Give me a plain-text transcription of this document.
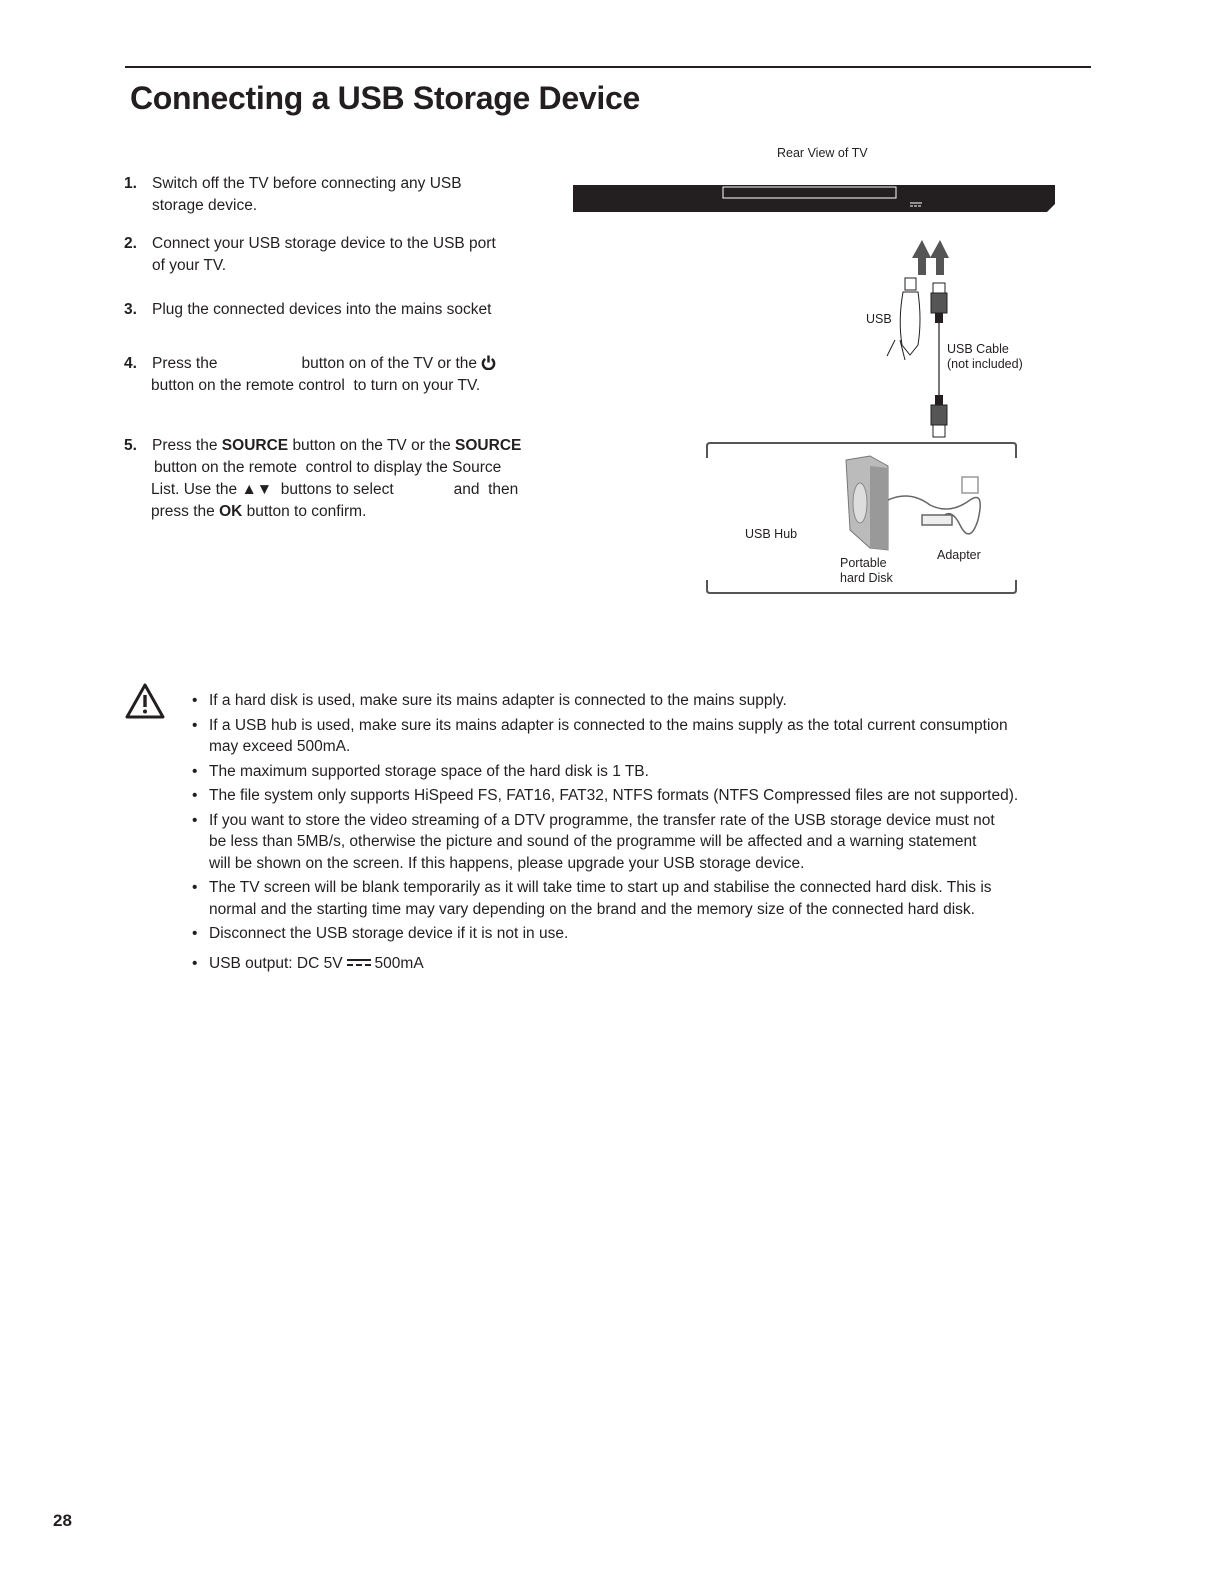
Connecting a USB Storage Device
1. Switch off the TV before connecting any USB
storage device.
2. Connect your USB storage device to the USB port
of your TV.
3. Plug the connected devices into the mains socket
4. Press the	button on of the TV or the
button on the remote control to turn on your TV.
5. Press the SOURCE button on the TV or the SOURCE
button on the remote  control to display the Source
List. Use the ▲▼ buttons to select	and  then
press the OK button to confirm.
Rear View of TV
USB
USB Cable
(not included)
USB Hub
Portable
hard Disk
Adapter
• If a hard disk is used, make sure its mains adapter is connected to the mains supply.
• If a USB hub is used, make sure its mains adapter is connected to the mains supply as the total current consumption
may exceed 500mA.
• The maximum supported storage space of the hard disk is 1 TB.
• The file system only supports HiSpeed FS, FAT16, FAT32, NTFS formats (NTFS Compressed files are not supported).
• If you want to store the video streaming of a DTV programme, the transfer rate of the USB storage device must not
be less than 5MB/s, otherwise the picture and sound of the programme will be affected and a warning statement
will be shown on the screen. If this happens, please upgrade your USB storage device.
• The TV screen will be blank temporarily as it will take time to start up and stabilise the connected hard disk. This is
normal and the starting time may vary depending on the brand and the memory size of the connected hard disk.
• Disconnect the USB storage device if it is not in use.
• USB output: DC 5V 500mA
28
